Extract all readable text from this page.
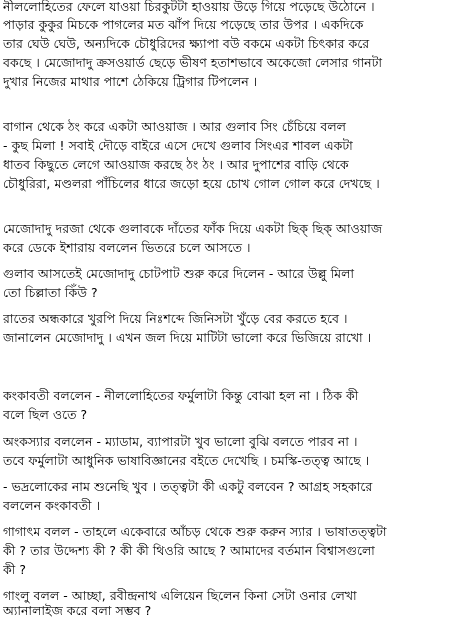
নীললোহিতের ফেলে যাওয়া চিরকুটটা হাওয়ায় উড়ে গিয়ে পড়েছে উঠোনে ।
পাড়ার কুকুর মিচকে পাগলের মত ঝাঁপ দিয়ে পড়েছে তার উপর । একদিকে
তার ঘেউ ঘেউ, অন্যদিকে চৌধুরিদের ক্ষ্যাপা বউ বকমে একটা চিৎকার করে
বকছে । মেজোদাদু ক্রসওয়ার্ড ছেড়ে ভীষণ হতাশভাবে অকেজো লেসার গানটা
দুখার নিজের মাথার পাশে ঠেকিয়ে ট্রিগার টিপলেন ।
বাগান থেকে ঠং করে একটা আওয়াজ । আর গুলাব সিং চেঁচিয়ে বলল
- কুছ মিলা ! সবাই দৌড়ে বাইরে এসে দেখে গুলাব সিংএর শাবল একটা
ধাতব কিছুতে লেগে আওয়াজ করছে ঠং ঠং । আর দুপাশের বাড়ি থেকে
চৌধুরিরা, মণ্ডলরা পাঁচিলের ধারে জড়ো হয়ে চোখ গোল গোল করে দেখছে ।
মেজোদাদু দরজা থেকে গুলাবকে দাঁতের ফাঁক দিয়ে একটা ছিক্ ছিক্ আওয়াজ
করে ডেকে ইশারায় বললেন ভিতরে চলে আসতে ।
গুলাব আসতেই মেজোদাদু চোটপাট শুরু করে দিলেন - আরে উল্লু মিলা
তো চিল্লাতা কিঁউ ?
রাতের অন্ধকারে খুরপি দিয়ে নিঃশব্দে জিনিসটা খুঁড়ে বের করতে হবে ।
জানালেন মেজোদাদু । এখন জল দিয়ে মাটিটা ভালো করে ভিজিয়ে রাখো ।
কংকাবতী বললেন - নীললোহিতের ফর্মুলাটা কিন্তু বোঝা হল না । ঠিক কী
বলে ছিল ওতে ?
অংকস্যার বললেন - ম্যাডাম, ব্যাপারটা খুব ভালো বুঝি বলতে পারব না ।
তবে ফর্মুলাটা আধুনিক ভাষাবিজ্ঞানের বইতে দেখেছি । চমস্কি-তত্ত্ব আছে ।
- ভদ্রলোকের নাম শুনেছি খুব । তত্ত্বটা কী একটু বলবেন ? আগ্রহ সহকারে
বললেন কংকাবতী ।
গাগাৎম বলল - তাহলে একেবারে আঁচড় থেকে শুরু করুন স্যার । ভাষাতত্ত্বটা
কী ? তার উদ্দেশ্য কী ? কী কী থিওরি আছে ? আমাদের বর্তমান বিশ্বাসগুলো
কী ?
গাংলু বলল - আচ্ছা, রবীন্দ্রনাথ এলিয়েন ছিলেন কিনা সেটা ওনার লেখা
অ্যানালাইজ করে বলা সম্ভব ?
